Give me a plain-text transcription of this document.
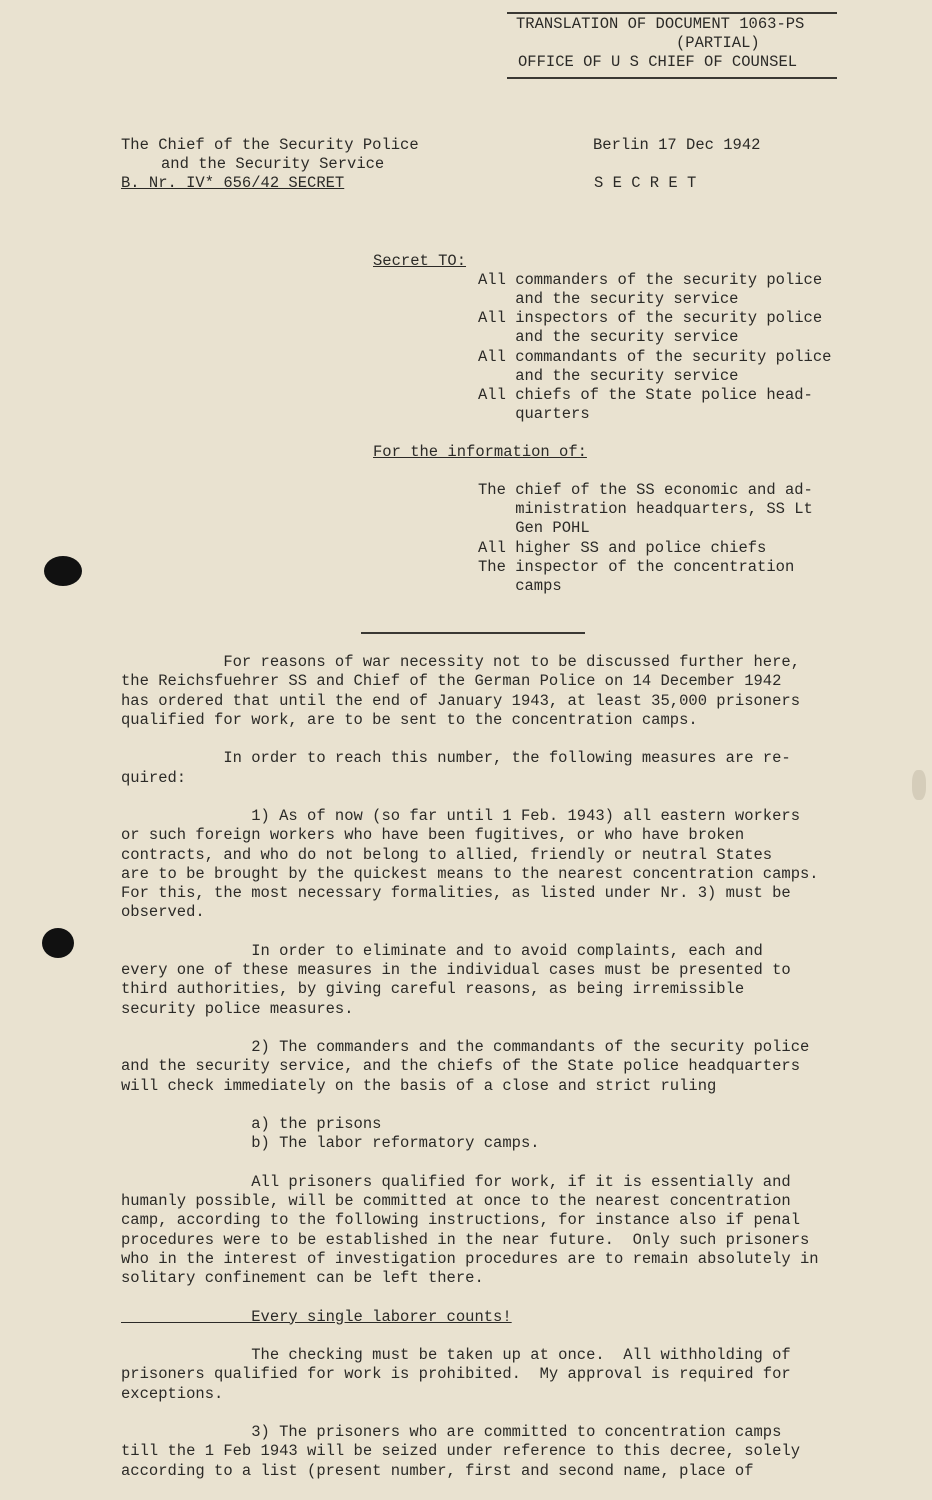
TRANSLATION OF DOCUMENT 1063-PS
(PARTIAL)
OFFICE OF U S CHIEF OF COUNSEL
The Chief of the Security Police
and the Security Service
B. Nr. IV* 656/42 SECRET
Berlin 17 Dec 1942
S E C R E T
Secret TO:
All commanders of the security police
and the security service
All inspectors of the security police
and the security service
All commandants of the security police
and the security service
All chiefs of the State police head-
quarters
For the information of:
The chief of the SS economic and ad-
ministration headquarters, SS Lt
Gen POHL
All higher SS and police chiefs
The inspector of the concentration
camps
For reasons of war necessity not to be discussed further here,
the Reichsfuehrer SS and Chief of the German Police on 14 December 1942
has ordered that until the end of January 1943, at least 35,000 prisoners
qualified for work, are to be sent to the concentration camps.
In order to reach this number, the following measures are re-
quired:
1) As of now (so far until 1 Feb. 1943) all eastern workers
or such foreign workers who have been fugitives, or who have broken
contracts, and who do not belong to allied, friendly or neutral States
are to be brought by the quickest means to the nearest concentration camps.
For this, the most necessary formalities, as listed under Nr. 3) must be
observed.
In order to eliminate and to avoid complaints, each and
every one of these measures in the individual cases must be presented to
third authorities, by giving careful reasons, as being irremissible
security police measures.
2) The commanders and the commandants of the security police
and the security service, and the chiefs of the State police headquarters
will check immediately on the basis of a close and strict ruling
a) the prisons
b) The labor reformatory camps.
All prisoners qualified for work, if it is essentially and
humanly possible, will be committed at once to the nearest concentration
camp, according to the following instructions, for instance also if penal
procedures were to be established in the near future.  Only such prisoners
who in the interest of investigation procedures are to remain absolutely in
solitary confinement can be left there.
Every single laborer counts!
The checking must be taken up at once.  All withholding of
prisoners qualified for work is prohibited.  My approval is required for
exceptions.
3) The prisoners who are committed to concentration camps
till the 1 Feb 1943 will be seized under reference to this decree, solely
according to a list (present number, first and second name, place of
